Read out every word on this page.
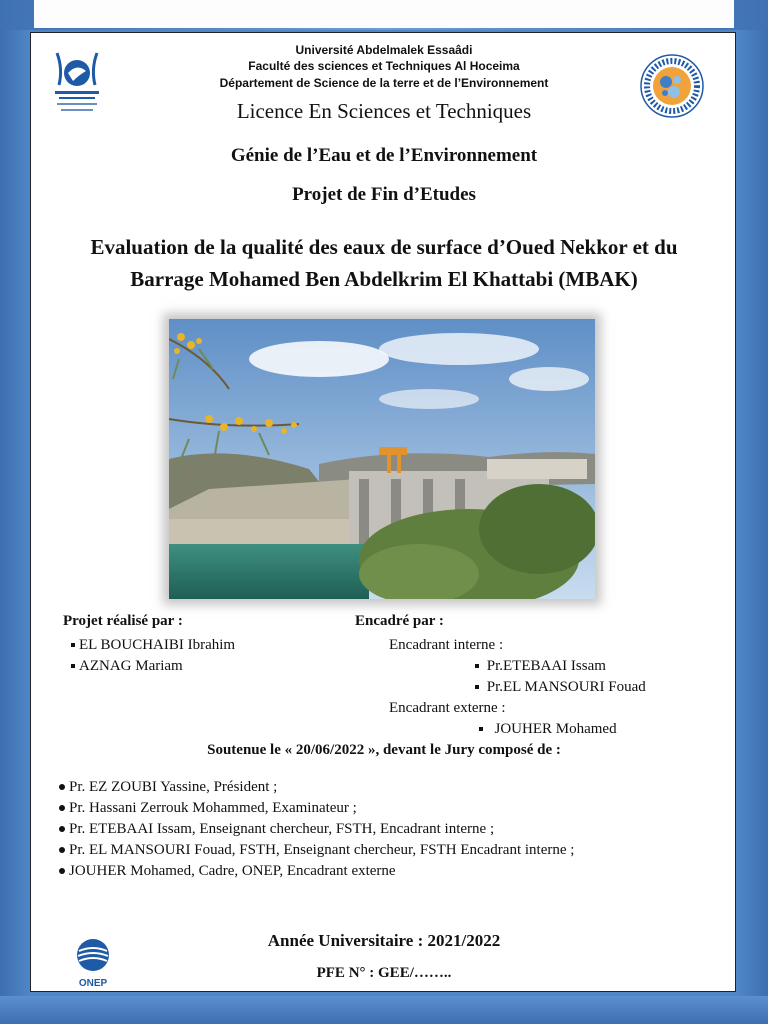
Université Abdelmalek Essaâdi
Faculté des sciences et Techniques Al Hoceima
Département de Science de la terre et de l’Environnement
Licence En Sciences et Techniques
Génie de l’Eau et de l’Environnement
Projet de Fin d’Etudes
Evaluation de la qualité des eaux de surface d’Oued Nekkor et du
Barrage Mohamed Ben Abdelkrim El Khattabi (MBAK)
Projet réalisé par :
EL BOUCHAIBI Ibrahim
AZNAG Mariam
Encadré par :
Encadrant interne :
Pr.ETEBAAI Issam
Pr.EL MANSOURI Fouad
Encadrant externe :
JOUHER Mohamed
Soutenue le « 20/06/2022 », devant le Jury composé de :
Pr. EZ ZOUBI Yassine, Président ;
Pr. Hassani Zerrouk Mohammed, Examinateur ;
Pr. ETEBAAI Issam, Enseignant chercheur, FSTH, Encadrant interne ;
Pr. EL MANSOURI Fouad, FSTH, Enseignant chercheur, FSTH Encadrant interne ;
JOUHER Mohamed, Cadre, ONEP, Encadrant externe
Année Universitaire : 2021/2022
PFE N° : GEE/……..
ONEP
